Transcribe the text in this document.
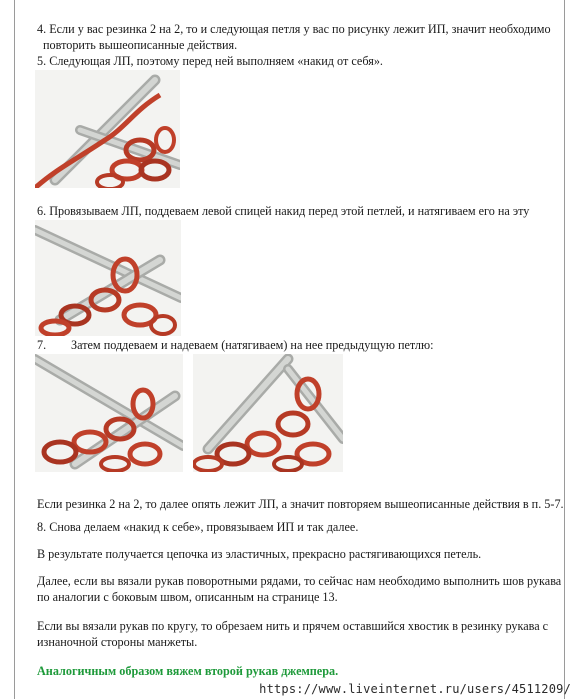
4. Если у вас резинка 2 на 2, то и следующая петля у вас по рисунку лежит ИП, значит необходимо

повторить вышеописанные действия.

5. Следующая ЛП, поэтому перед ней выполняем «накид от себя».

6. Провязываем ЛП, поддеваем левой спицей накид перед этой петлей, и натягиваем его на эту

7. Затем поддеваем и надеваем (натягиваем) на нее предыдущую петлю:

Если резинка 2 на 2, то далее опять лежит ЛП, а значит повторяем вышеописанные действия в п. 5-7.

8. Снова делаем «накид к себе», провязываем ИП и так далее.

В результате получается цепочка из эластичных, прекрасно растягивающихся петель.

Далее, если вы вязали рукав поворотными рядами, то сейчас нам необходимо выполнить шов рукава

по аналогии с боковым швом, описанным на странице 13.

Если вы вязали рукав по кругу, то обрезаем нить и прячем оставшийся хвостик в резинку рукава с

изнаночной стороны манжеты.

Аналогичным образом вяжем второй рукав джемпера.

https://www.liveinternet.ru/users/4511209/
